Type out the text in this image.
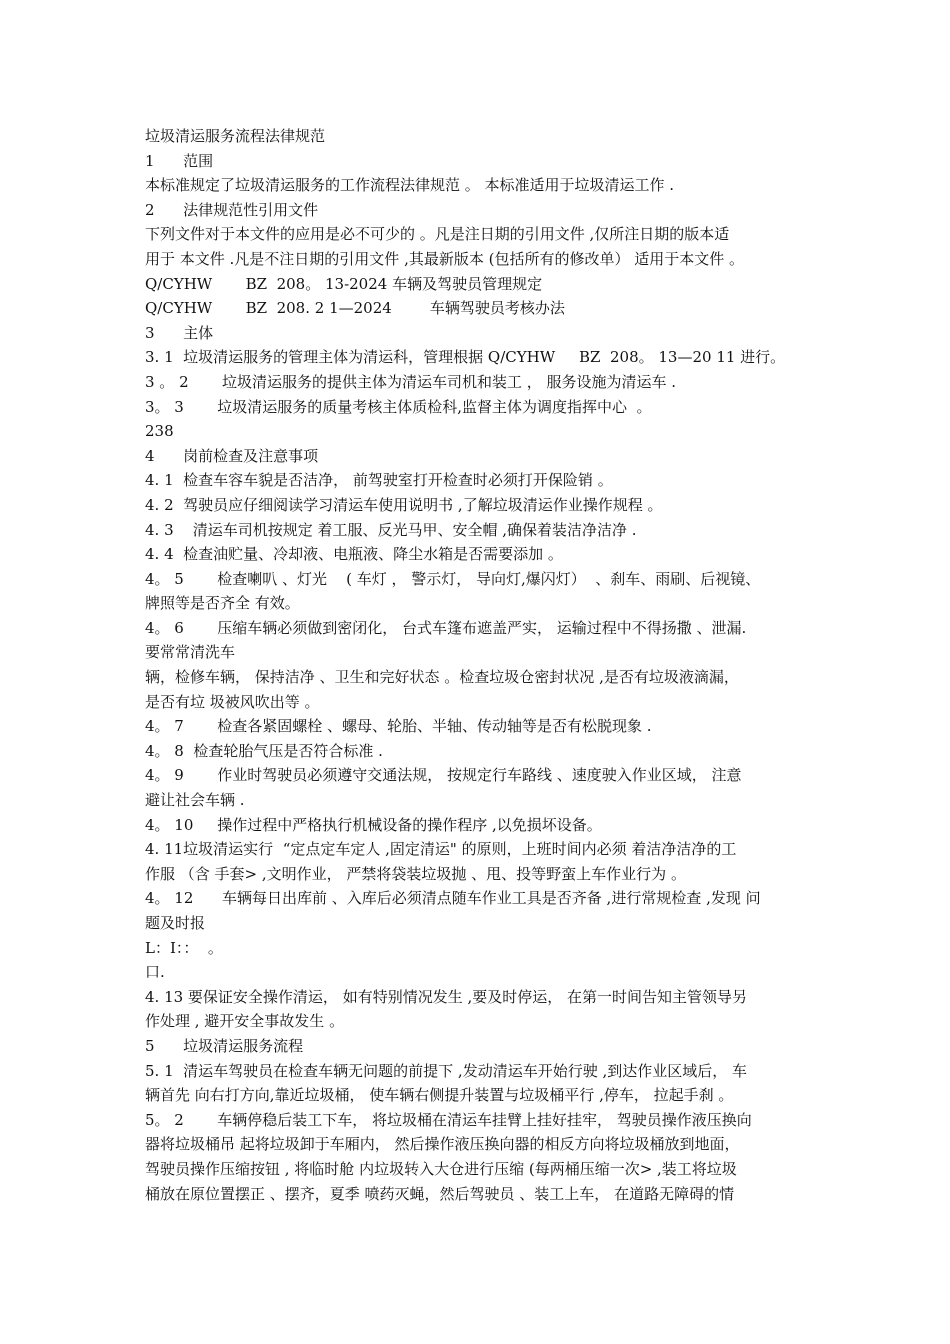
垃圾清运服务流程法律规范

1      范围

本标准规定了垃圾清运服务的工作流程法律规范 。 本标准适用于垃圾清运工作 .

2      法律规范性引用文件

下列文件对于本文件的应用是必不可少的 。凡是注日期的引用文件 ,仅所注日期的版本适

用于 本文件 .凡是不注日期的引用文件 ,其最新版本 (包括所有的修改单） 适用于本文件 。

Q/CYHW       BZ  208。 13-2024 车辆及驾驶员管理规定

Q/CYHW       BZ  208. 2 1—2024        车辆驾驶员考核办法

3      主体

3. 1  垃圾清运服务的管理主体为清运科，管理根据 Q/CYHW     BZ  208。 13—20 11 进行。

3 。 2       垃圾清运服务的提供主体为清运车司机和装工 ， 服务设施为清运车 .

3。 3       垃圾清运服务的质量考核主体质检科,监督主体为调度指挥中心  。

238

4      岗前检查及注意事项

4. 1  检查车容车貌是否洁净， 前驾驶室打开检查时必须打开保险销 。

4. 2  驾驶员应仔细阅读学习清运车使用说明书 ,了解垃圾清运作业操作规程 。

4. 3    清运车司机按规定 着工服、反光马甲、安全帽 ,确保着装洁净洁净 .

4. 4  检查油贮量、冷却液、电瓶液、降尘水箱是否需要添加 。

4。 5       检查喇叭 、灯光    ( 车灯 ， 警示灯， 导向灯,爆闪灯）  、刹车、雨刷、后视镜、

牌照等是否齐全 有效。

4。 6       压缩车辆必须做到密闭化， 台式车篷布遮盖严实， 运输过程中不得扬撒 、泄漏.

要常常清洗车

辆，检修车辆， 保持洁净 、卫生和完好状态 。检查垃圾仓密封状况 ,是否有垃圾液滴漏，

是否有垃 圾被风吹出等 。

4。 7       检查各紧固螺栓 、螺母、轮胎、半轴、传动轴等是否有松脱现象 .

4。 8  检查轮胎气压是否符合标准 .

4。 9       作业时驾驶员必须遵守交通法规， 按规定行车路线 、速度驶入作业区域， 注意

避让社会车辆 .

4。 10     操作过程中严格执行机械设备的操作程序 ,以免损坏设备。

4. 11垃圾清运实行  “定点定车定人 ,固定清运" 的原则，上班时间内必须 着洁净洁净的工

作服 （含 手套> ,文明作业， 严禁将袋装垃圾抛 、甩、投等野蛮上车作业行为 。

4。 12      车辆每日出库前 、入库后必须清点随车作业工具是否齐备 ,进行常规检查 ,发现 问

题及时报

L：I：：  。

口.

4. 13 要保证安全操作清运， 如有特别情况发生 ,要及时停运， 在第一时间告知主管领导另

作处理 , 避开安全事故发生 。

5      垃圾清运服务流程

5. 1  清运车驾驶员在检查车辆无问题的前提下 ,发动清运车开始行驶 ,到达作业区域后， 车

辆首先 向右打方向,靠近垃圾桶， 使车辆右侧提升装置与垃圾桶平行 ,停车， 拉起手刹 。

5。 2       车辆停稳后装工下车， 将垃圾桶在清运车挂臂上挂好挂牢， 驾驶员操作液压换向

器将垃圾桶吊 起将垃圾卸于车厢内， 然后操作液压换向器的相反方向将垃圾桶放到地面，

驾驶员操作压缩按钮 , 将临时舱 内垃圾转入大仓进行压缩 (每两桶压缩一次> ,装工将垃圾

桶放在原位置摆正 、摆齐，夏季 喷药灭蝇，然后驾驶员 、装工上车， 在道路无障碍的情
